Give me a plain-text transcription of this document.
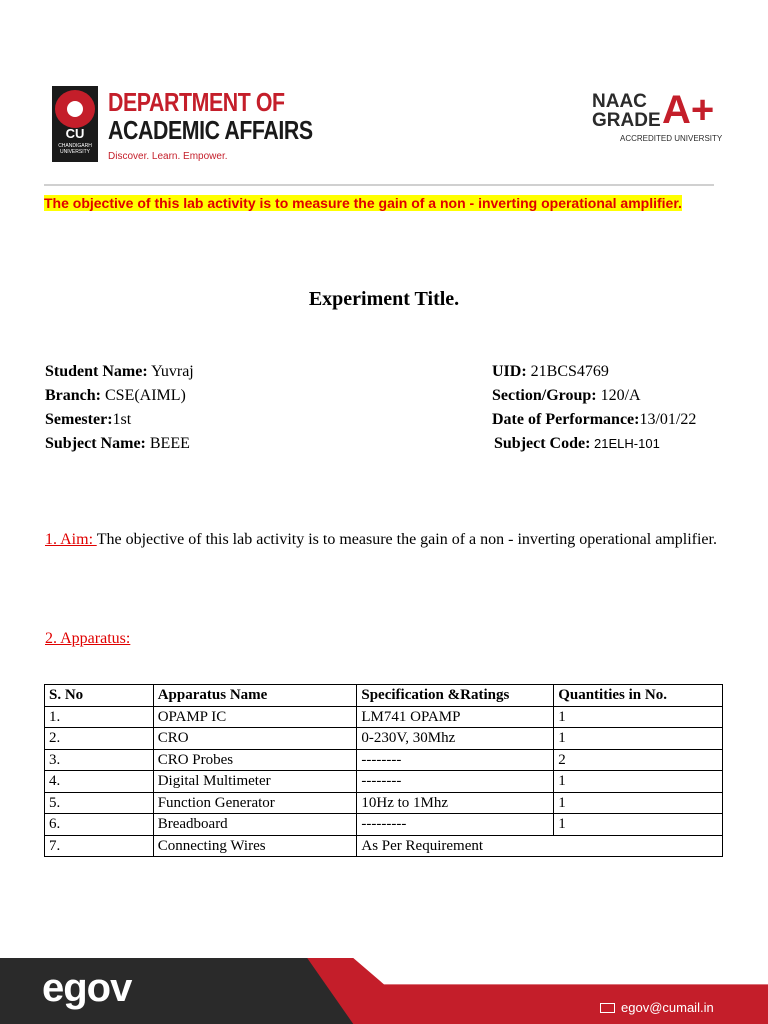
CU
CHANDIGARH UNIVERSITY
DEPARTMENT OF
ACADEMIC AFFAIRS
Discover. Learn. Empower.
NAAC
GRADE A+
ACCREDITED UNIVERSITY
The objective of this lab activity is to measure the gain of a non - inverting operational amplifier.
Experiment Title.
Student Name: Yuvraj
Branch: CSE(AIML)
Semester:1st
Subject Name: BEEE
UID: 21BCS4769
Section/Group: 120/A
Date of Performance:13/01/22
Subject Code: 21ELH-101
1. Aim: The objective of this lab activity is to measure the gain of a non - inverting operational amplifier.
2. Apparatus:
S. No	Apparatus Name	Specification &Ratings	Quantities in No.
1.	OPAMP IC	LM741 OPAMP	1
2.	CRO	0-230V, 30Mhz	1
3.	CRO Probes	--------	2
4.	Digital Multimeter	--------	1
5.	Function Generator	10Hz to 1Mhz	1
6.	Breadboard	---------	1
7.	Connecting Wires	As Per Requirement	
egov	egov@cumail.in
